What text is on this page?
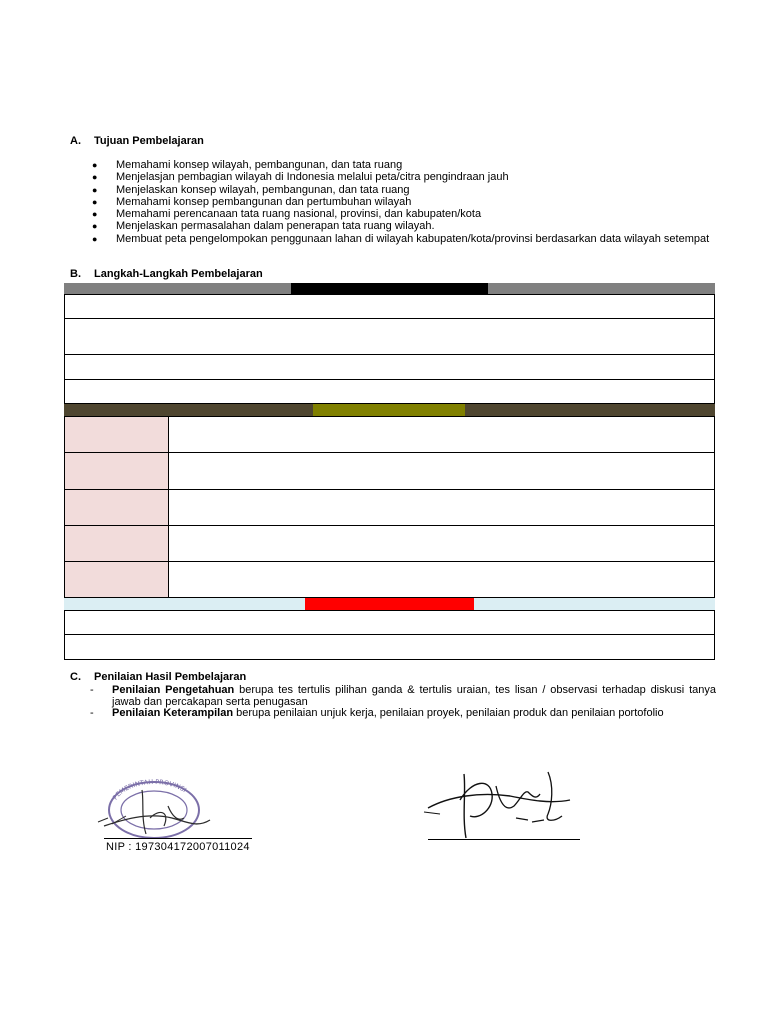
A. Tujuan Pembelajaran
● Memahami konsep wilayah, pembangunan, dan tata ruang
● Menjelasjan pembagian wilayah di Indonesia melalui peta/citra pengindraan jauh
● Menjelaskan konsep wilayah, pembangunan, dan tata ruang
● Memahami konsep pembangunan dan pertumbuhan wilayah
● Memahami perencanaan tata ruang nasional, provinsi, dan kabupaten/kota
● Menjelaskan permasalahan dalam penerapan tata ruang wilayah.
● Membuat peta pengelompokan penggunaan lahan di wilayah kabupaten/kota/provinsi berdasarkan data wilayah setempat
B. Langkah-Langkah Pembelajaran
C. Penilaian Hasil Pembelajaran
- Penilaian Pengetahuan berupa tes tertulis pilihan ganda & tertulis uraian, tes lisan / observasi terhadap diskusi tanya jawab dan percakapan serta penugasan
- Penilaian Keterampilan berupa penilaian unjuk kerja, penilaian proyek, penilaian produk dan penilaian portofolio
PEMERINTAH PROVINSI
NIP : 197304172007011024
